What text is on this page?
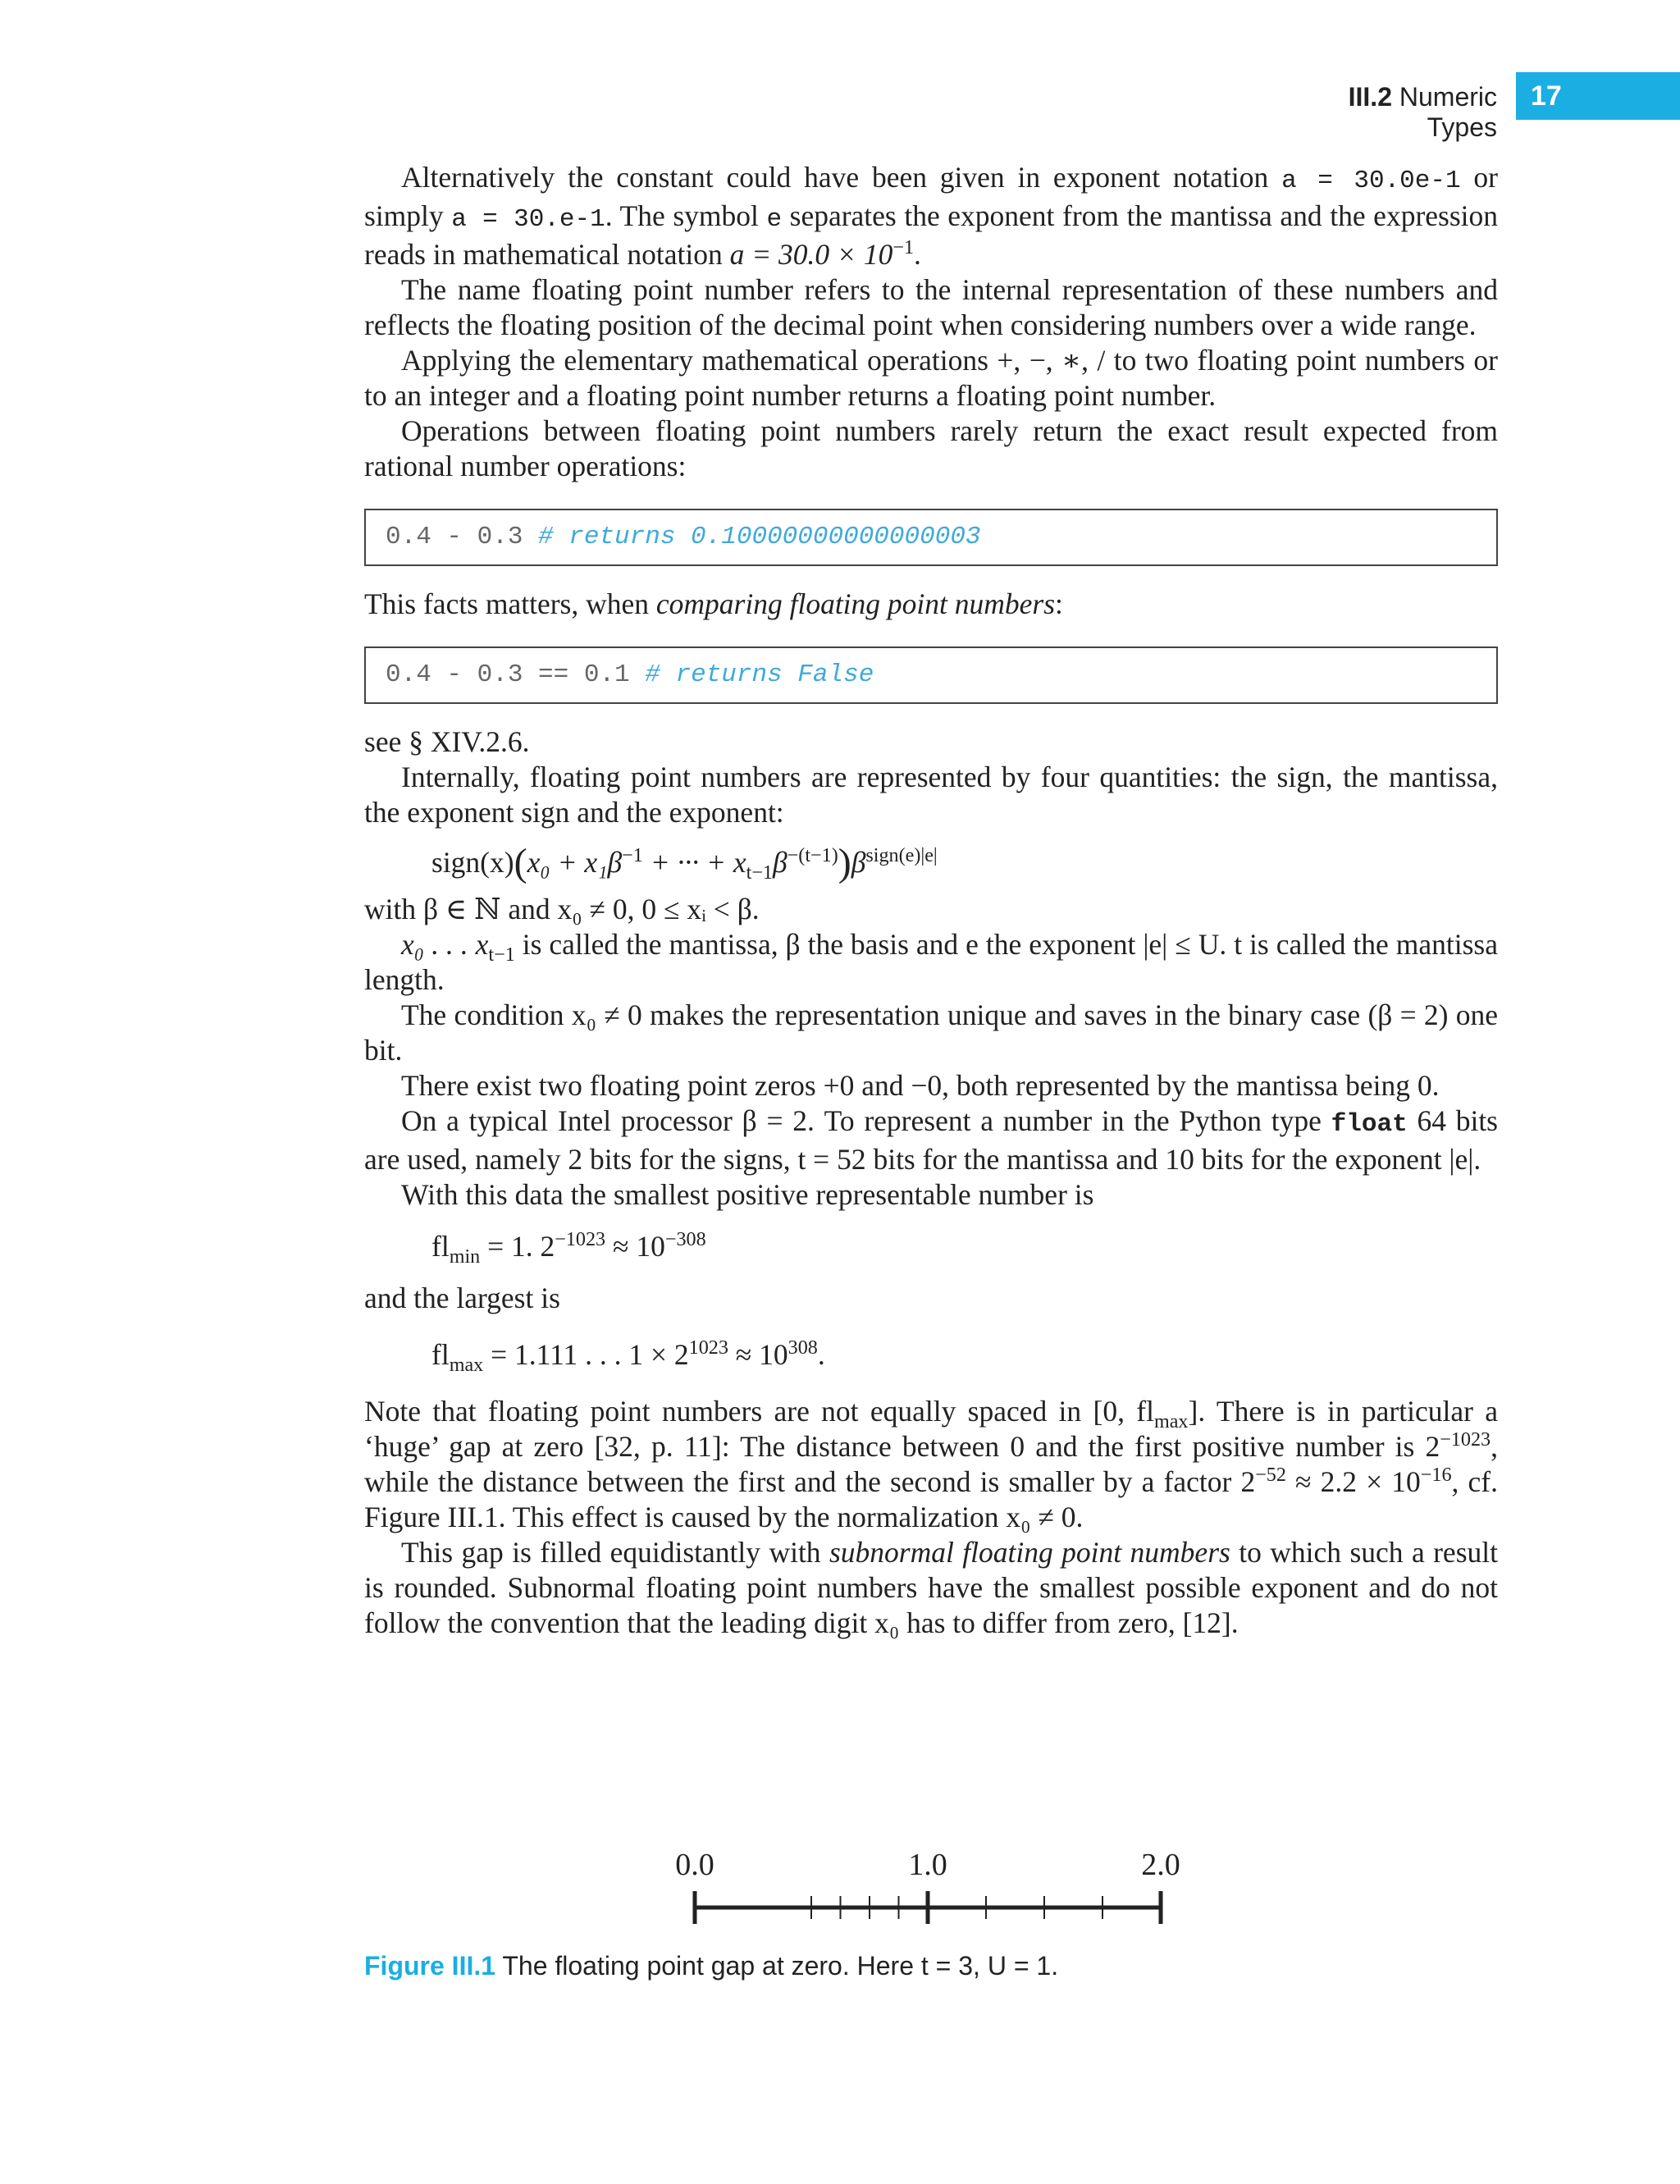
III.2 Numeric Types
17

Alternatively the constant could have been given in exponent notation a = 30.0e-1 or simply a = 30.e-1. The symbol e separates the exponent from the mantissa and the expression reads in mathematical notation $a = 30.0 \times 10^{-1}$.

The name floating point number refers to the internal representation of these numbers and reflects the floating position of the decimal point when considering numbers over a wide range.

Applying the elementary mathematical operations +, −, ∗, / to two floating point numbers or to an integer and a floating point number returns a floating point number.

Operations between floating point numbers rarely return the exact result expected from rational number operations:

0.4 - 0.3 # returns 0.10000000000000003

This facts matters, when comparing floating point numbers:

0.4 - 0.3 == 0.1 # returns False

see § XIV.2.6.

Internally, floating point numbers are represented by four quantities: the sign, the mantissa, the exponent sign and the exponent:

sign(x)(x₀ + $x_1\beta^{-1}$ + ··· + $x_{t-1}\beta^{-(t-1)})\beta^{sign(e)|e|}$

with β ∈ ℕ and x₀ ≠ 0, 0 ≤ xᵢ < β.

x₀ . . . $x_{t-1}$ is called the mantissa, β the basis and e the exponent |e| ≤ U. t is called the mantissa length.

The condition x₀ ≠ 0 makes the representation unique and saves in the binary case (β = 2) one bit.

There exist two floating point zeros +0 and −0, both represented by the mantissa being 0.

On a typical Intel processor β = 2. To represent a number in the Python type float 64 bits are used, namely 2 bits for the signs, t = 52 bits for the mantissa and 10 bits for the exponent |e|.

With this data the smallest positive representable number is

$fl_{min} = 1$. $2^{-1023} \approx 10^{-308}$

and the largest is

$fl_{max} = 1.111$ . . . $1 \times 2^{1023} \approx 10^{308}$.

Note that floating point numbers are not equally spaced in [0, $fl_{max}$]. There is in particular a ‘huge’ gap at zero [32, p. 11]: The distance between 0 and the first positive number is $2^{-1023}$, while the distance between the first and the second is smaller by a factor $2^{-52} \approx 2.2 \times 10^{-16}$, cf. Figure III.1. This effect is caused by the normalization x₀ ≠ 0.

This gap is filled equidistantly with subnormal floating point numbers to which such a result is rounded. Subnormal floating point numbers have the smallest possible exponent and do not follow the convention that the leading digit x₀ has to differ from zero, [12].

0.0	1.0	2.0
Figure III.1 The floating point gap at zero. Here t = 3, U = 1.
